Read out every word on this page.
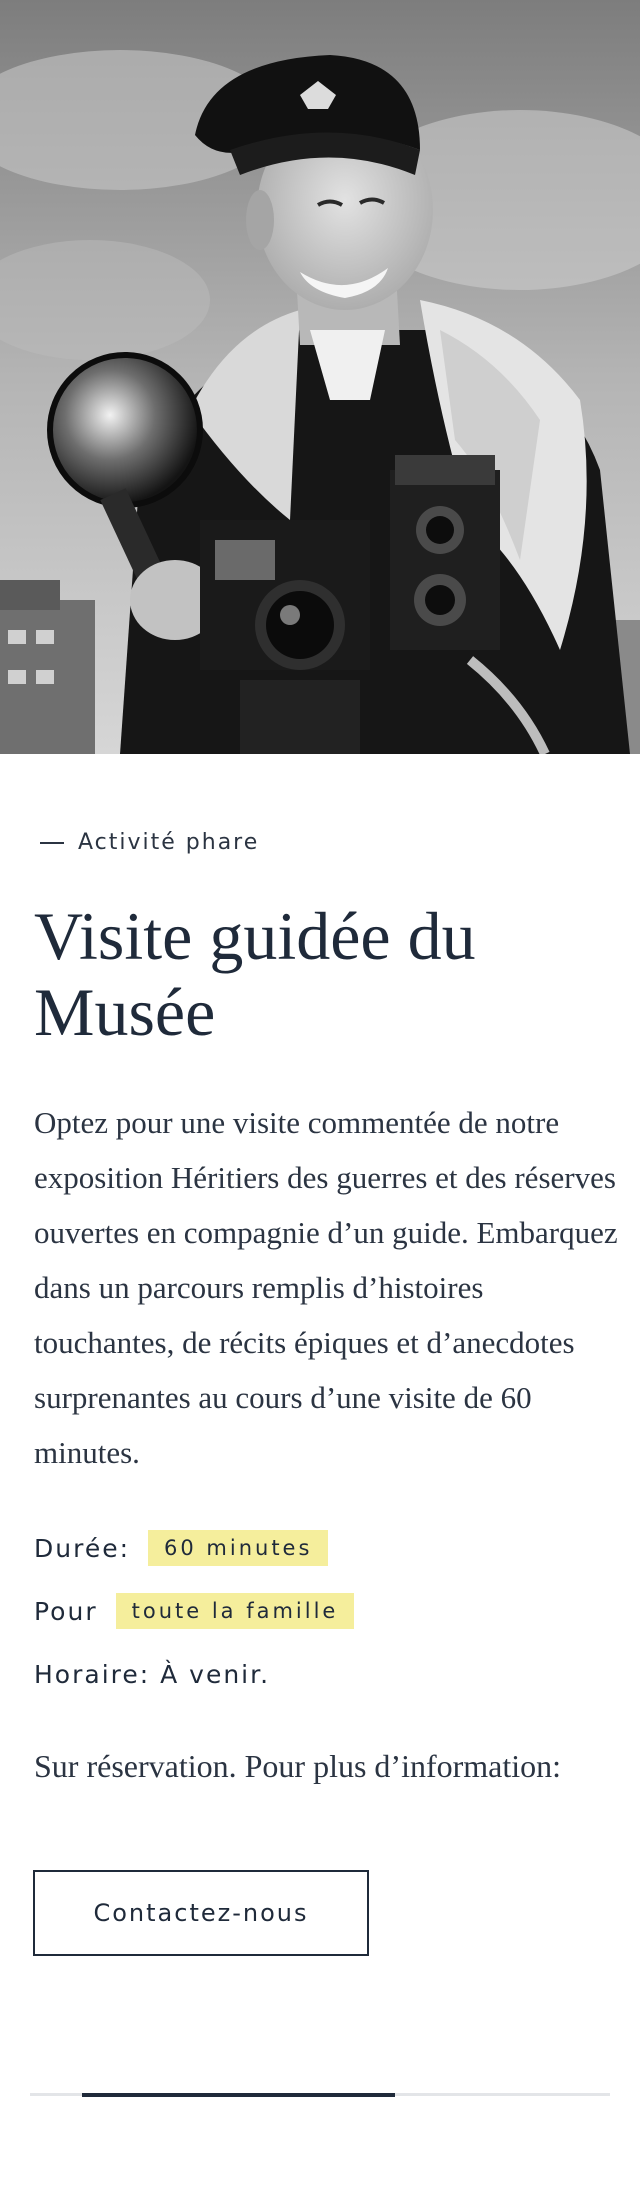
Activité phare
Visite guidée du Musée

Optez pour une visite commentée de notre exposition Héritiers des guerres et des réserves ouvertes en compagnie d’un guide. Embarquez dans un parcours remplis d’histoires touchantes, de récits épiques et d’anecdotes surprenantes au cours d’une visite de 60 minutes.

Durée:	60 minutes
Pour	toute la famille
Horaire: À venir.

Sur réservation. Pour plus d’information:

Contactez-nous
